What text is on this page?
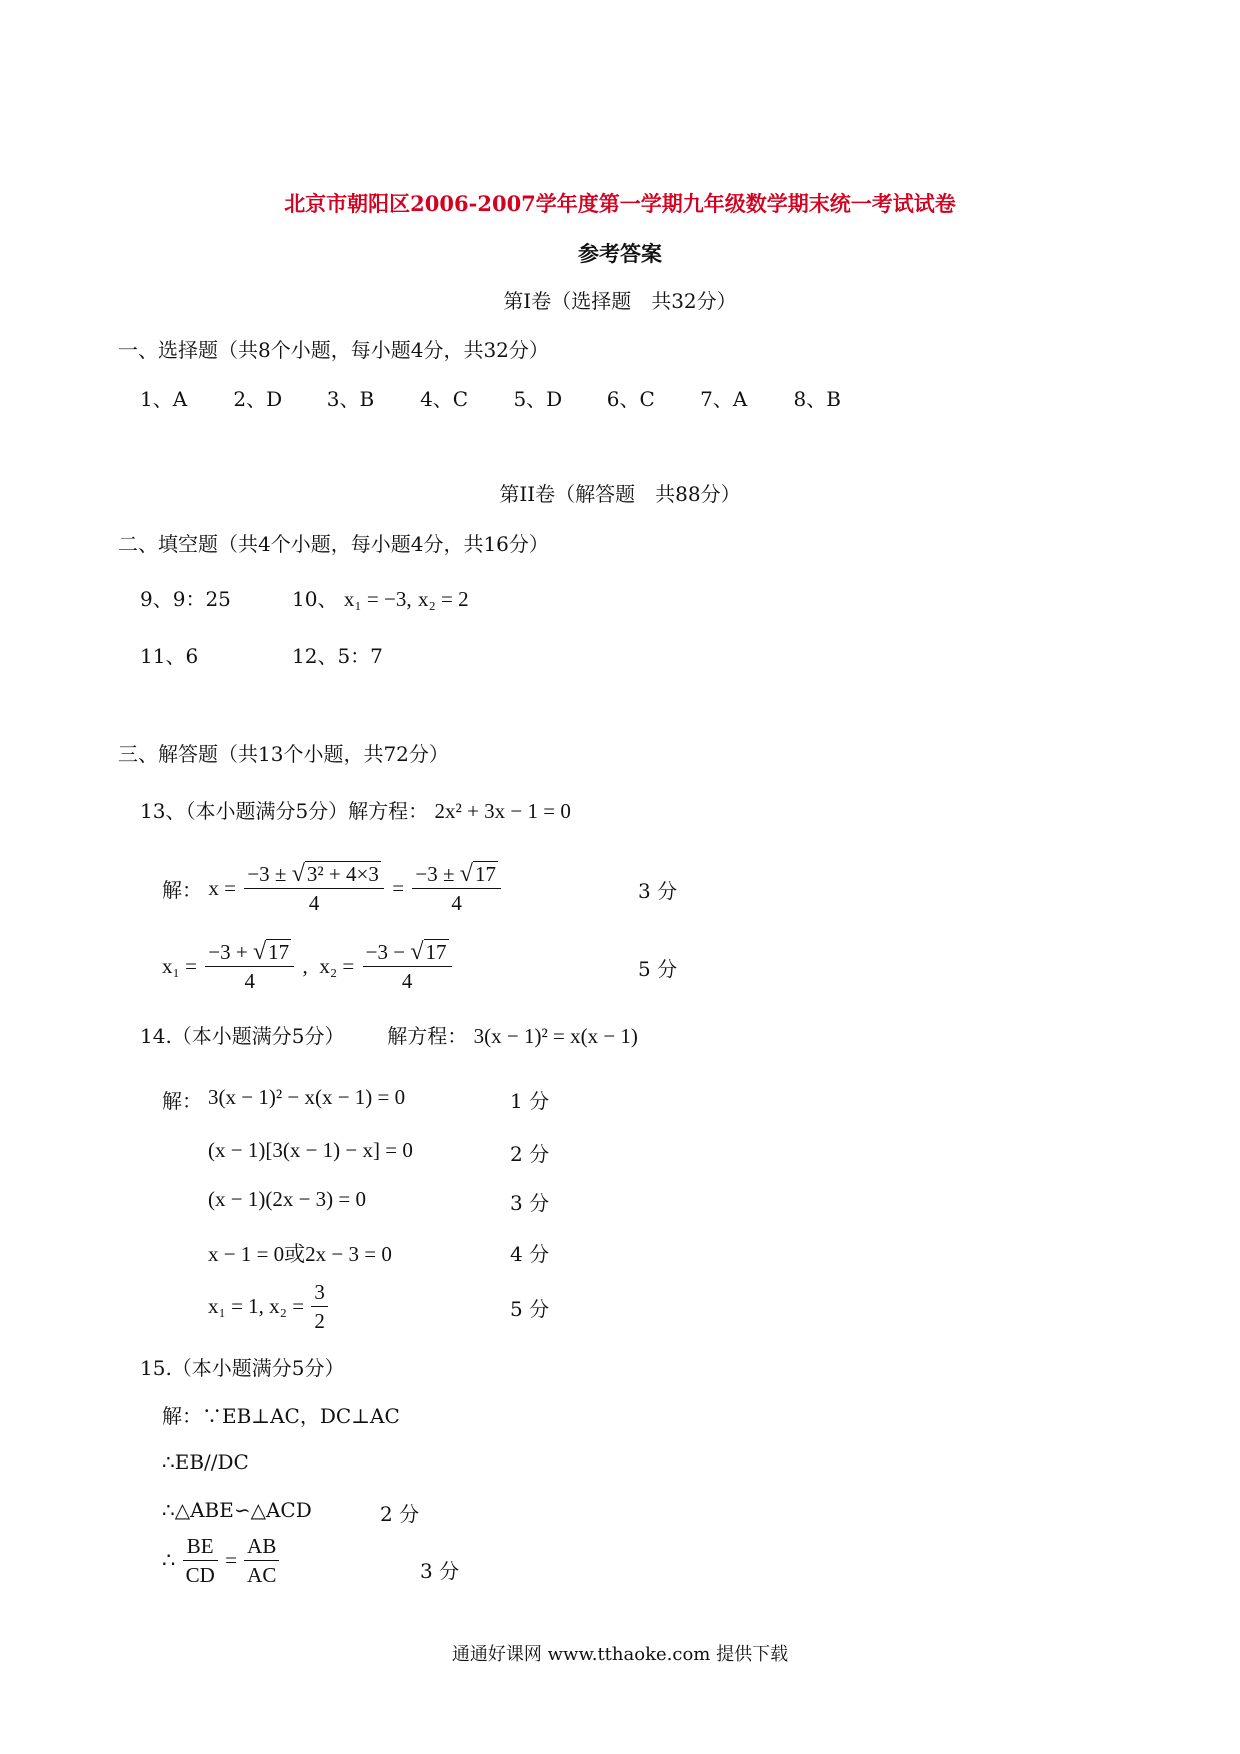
北京市朝阳区2006-2007学年度第一学期九年级数学期末统一考试试卷
参考答案
第Ⅰ卷（选择题　共32分）
一、选择题（共8个小题，每小题4分，共32分）
1、A 2、D 3、B 4、C 5、D 6、C 7、A 8、B
第II卷（解答题　共88分）
二、填空题（共4个小题，每小题4分，共16分）
9、9：25	10、 x₁ = −3, x₂ = 2
11、6	12、5：7
三、解答题（共13个小题，共72分）
13、（本小题满分5分）解方程： 2x² + 3x − 1 = 0
解： $x = \frac{\text{−3 ± √3² + 4×3}}{4} = \frac{-3 \pm √17}{4}$	3 分
$x_1 = \frac{-3 + √17}{4}$ ,  $x_2 = \frac{-3 - √17}{4}$	5 分
14.（本小题满分5分） 解方程： 3(x − 1)² = x(x − 1)
解： 3(x − 1)² − x(x − 1) = 0	1 分
(x − 1)[3(x − 1) − x] = 0	2 分
(x − 1)(2x − 3) = 0	3 分
x − 1 = 0或2x − 3 = 0	4 分
x₁ = 1, $x_2 = \frac{3}{2}$	5 分
15.（本小题满分5分）
解：∵EB⊥AC，DC⊥AC
∴EB//DC
∴△ABE∽△ACD	2 分
∴ $\frac{BE}{CD} = \frac{AB}{AC}$	3 分
通通好课网 www.tthaoke.com 提供下载
